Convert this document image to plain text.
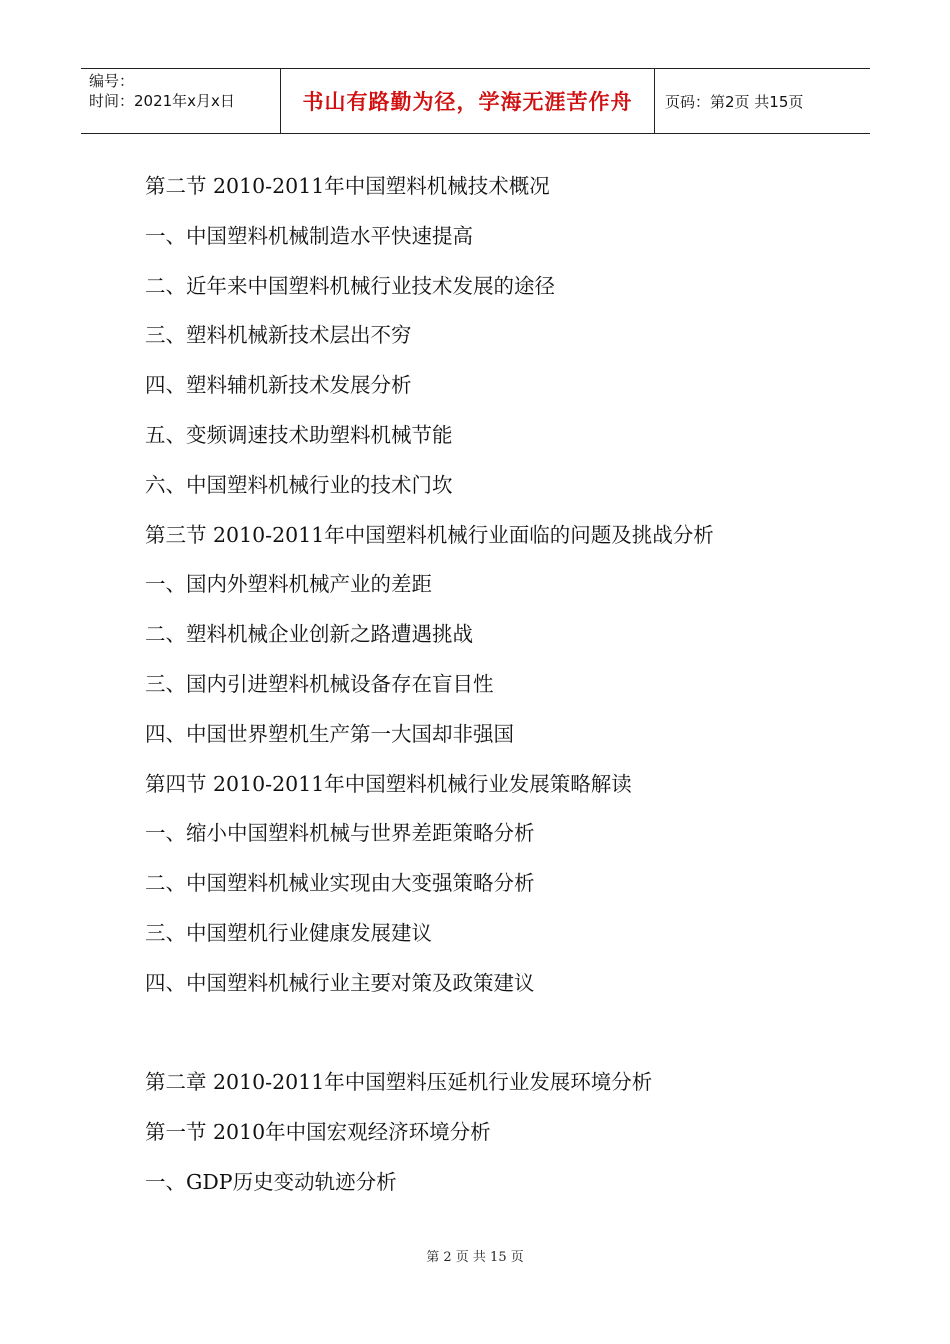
编号：
时间：2021年x月x日	书山有路勤为径，学海无涯苦作舟	页码：第2页 共15页
第二节 2010-2011年中国塑料机械技术概况
一、中国塑料机械制造水平快速提高
二、近年来中国塑料机械行业技术发展的途径
三、塑料机械新技术层出不穷
四、塑料辅机新技术发展分析
五、变频调速技术助塑料机械节能
六、中国塑料机械行业的技术门坎
第三节 2010-2011年中国塑料机械行业面临的问题及挑战分析
一、国内外塑料机械产业的差距
二、塑料机械企业创新之路遭遇挑战
三、国内引进塑料机械设备存在盲目性
四、中国世界塑机生产第一大国却非强国
第四节 2010-2011年中国塑料机械行业发展策略解读
一、缩小中国塑料机械与世界差距策略分析
二、中国塑料机械业实现由大变强策略分析
三、中国塑机行业健康发展建议
四、中国塑料机械行业主要对策及政策建议
第二章 2010-2011年中国塑料压延机行业发展环境分析
第一节 2010年中国宏观经济环境分析
一、GDP历史变动轨迹分析
第 2 页 共 15 页
